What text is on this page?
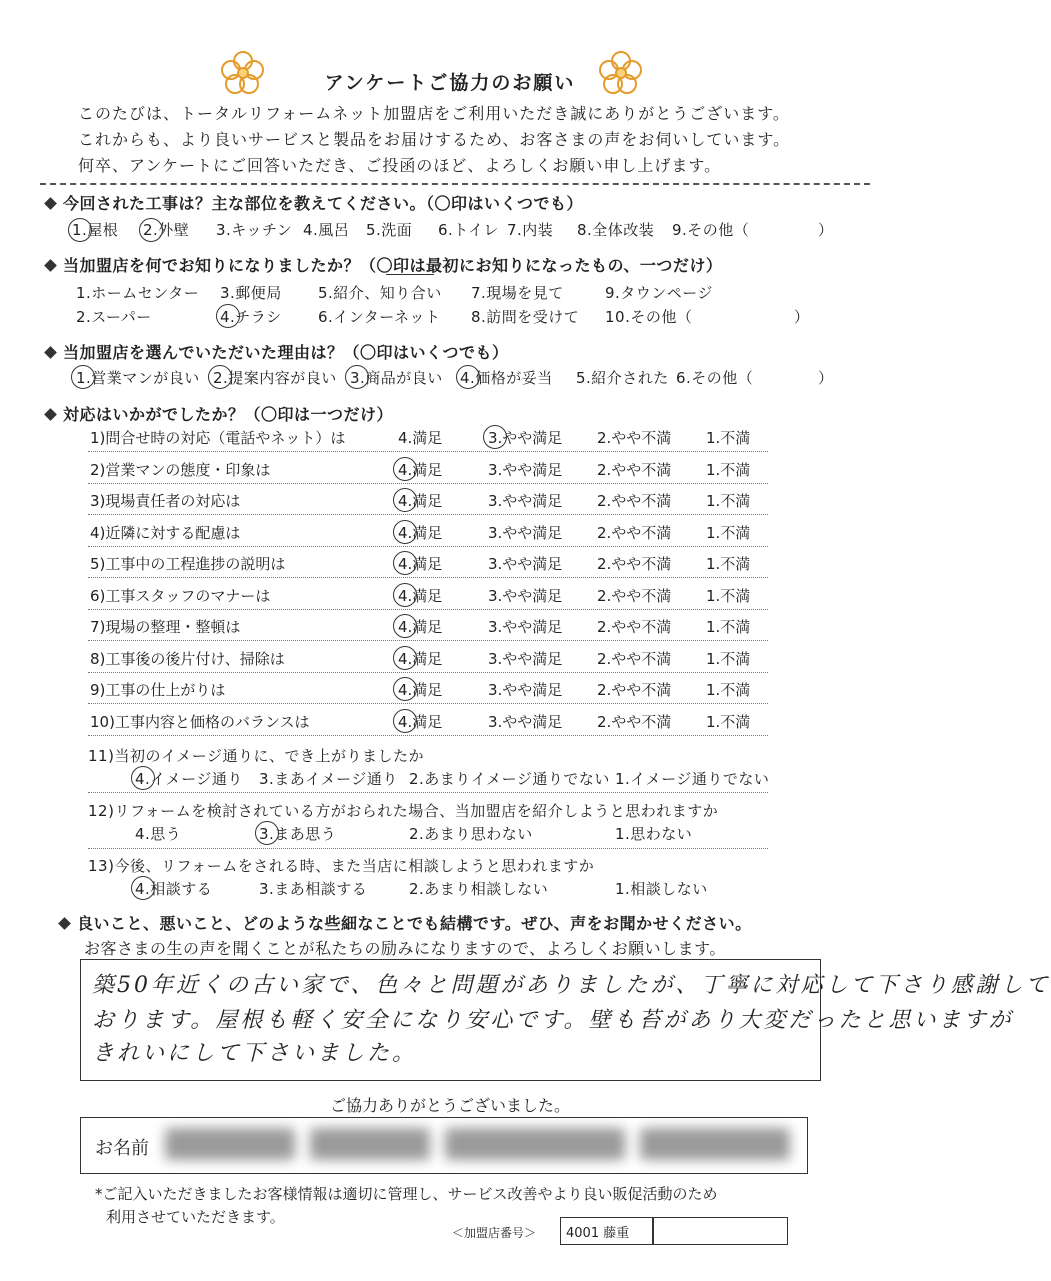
アンケートご協力のお願い
このたびは、トータルリフォームネット加盟店をご利用いただき誠にありがとうございます。
これからも、より良いサービスと製品をお届けするため、お客さまの声をお伺いしています。
何卒、アンケートにご回答いただき、ご投函のほど、よろしくお願い申し上げます。
今回された工事は？主な部位を教えてください。（〇印はいくつでも）
1.屋根 2.外壁 3.キッチン 4.風呂 5.洗面 6.トイレ 7.内装 8.全体改装 9.その他（	）
当加盟店を何でお知りになりましたか？（〇印は最初にお知りになったもの、一つだけ）
1.ホームセンター 3.郵便局 5.紹介、知り合い 7.現場を見て	9.タウンページ
2.スーパー	4.チラシ 6.インターネット 8.訪問を受けて 10.その他（	）
当加盟店を選んでいただいた理由は？（〇印はいくつでも）
1.営業マンが良い 2.提案内容が良い 3.商品が良い 4.価格が妥当 5.紹介された 6.その他（	）
対応はいかがでしたか？（〇印は一つだけ）
1)問合せ時の対応（電話やネット）は	4.満足	3.やや満足 2.やや不満 1.不満
2)営業マンの態度・印象は	4.満足	3.やや満足 2.やや不満 1.不満
3)現場責任者の対応は	4.満足	3.やや満足 2.やや不満 1.不満
4)近隣に対する配慮は	4.満足	3.やや満足 2.やや不満 1.不満
5)工事中の工程進捗の説明は	4.満足	3.やや満足 2.やや不満 1.不満
6)工事スタッフのマナーは	4.満足	3.やや満足 2.やや不満 1.不満
7)現場の整理・整頓は	4.満足	3.やや満足 2.やや不満 1.不満
8)工事後の後片付け、掃除は	4.満足	3.やや満足 2.やや不満 1.不満
9)工事の仕上がりは	4.満足	3.やや満足 2.やや不満 1.不満
10)工事内容と価格のバランスは	4.満足	3.やや満足 2.やや不満 1.不満
11)当初のイメージ通りに、でき上がりましたか
4.イメージ通り 3.まあイメージ通り 2.あまりイメージ通りでない 1.イメージ通りでない
12)リフォームを検討されている方がおられた場合、当加盟店を紹介しようと思われますか
4.思う	3.まあ思う	2.あまり思わない	1.思わない
13)今後、リフォームをされる時、また当店に相談しようと思われますか
4.相談する	3.まあ相談する	2.あまり相談しない	1.相談しない
良いこと、悪いこと、どのような些細なことでも結構です。ぜひ、声をお聞かせください。
お客さまの生の声を聞くことが私たちの励みになりますので、よろしくお願いします。
築50年近くの古い家で、色々と問題がありましたが、丁寧に対応して下さり感謝して
おります。屋根も軽く安全になり安心です。壁も苔があり大変だったと思いますが
きれいにして下さいました。
ご協力ありがとうございました。
お名前
*ご記入いただきましたお客様情報は適切に管理し、サービス改善やより良い販促活動のため
利用させていただきます。
＜加盟店番号＞ 4001 藤重
